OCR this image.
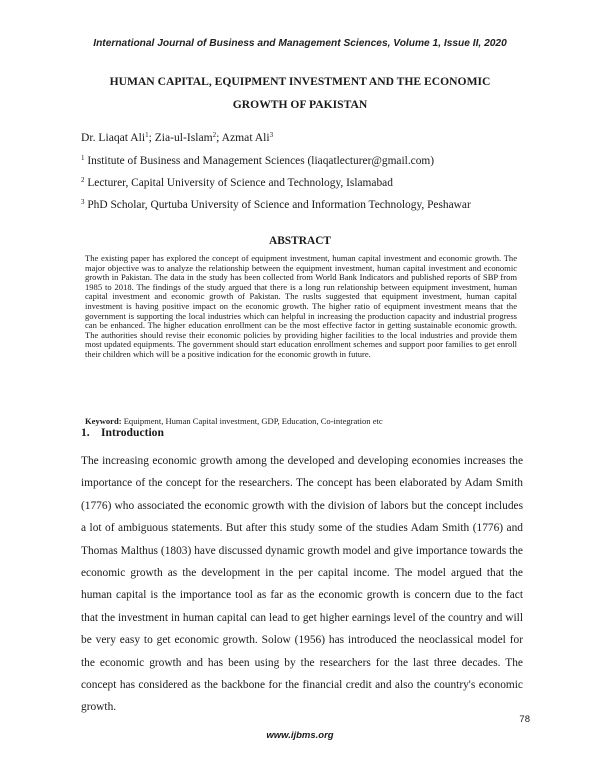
International Journal of Business and Management Sciences, Volume 1, Issue II, 2020
HUMAN CAPITAL, EQUIPMENT INVESTMENT AND THE ECONOMIC
GROWTH OF PAKISTAN
Dr. Liaqat Ali$^1$; Zia-ul-Islam$^2$; Azmat Ali$^3$
$^1$ Institute of Business and Management Sciences (liaqatlecturer@gmail.com)
$^2$ Lecturer, Capital University of Science and Technology, Islamabad
$^3$ PhD Scholar, Qurtuba University of Science and Information Technology, Peshawar
ABSTRACT
The existing paper has explored the concept of equipment investment, human capital investment and economic growth. The major objective was to analyze the relationship between the equipment investment, human capital investment and economic growth in Pakistan. The data in the study has been collected from World Bank Indicators and published reports of SBP from 1985 to 2018. The findings of the study argued that there is a long run relationship between equipment investment, human capital investment and economic growth of Pakistan. The ruslts suggested that equipment investment, human capital investment is having positive impact on the economic growth. The higher ratio of equipment investment means that the government is supporting the local industries which can helpful in increasing the production capacity and industrial progress can be enhanced. The higher education enrollment can be the most effective factor in getting sustainable economic growth. The authorities should revise their economic policies by providing higher facilities to the local industries and provide them most updated equipments. The government should start education enrollment schemes and support poor families to get enroll their children which will be a positive indication for the economic growth in future.
Keyword: Equipment, Human Capital investment, GDP, Education, Co-integration etc
1. Introduction
The increasing economic growth among the developed and developing economies increases the importance of the concept for the researchers. The concept has been elaborated by Adam Smith (1776) who associated the economic growth with the division of labors but the concept includes a lot of ambiguous statements. But after this study some of the studies Adam Smith (1776) and Thomas Malthus (1803) have discussed dynamic growth model and give importance towards the economic growth as the development in the per capital income. The model argued that the human capital is the importance tool as far as the economic growth is concern due to the fact that the investment in human capital can lead to get higher earnings level of the country and will be very easy to get economic growth. Solow (1956) has introduced the neoclassical model for the economic growth and has been using by the researchers for the last three decades. The concept has considered as the backbone for the financial credit and also the country's economic growth.
78
www.ijbms.org
